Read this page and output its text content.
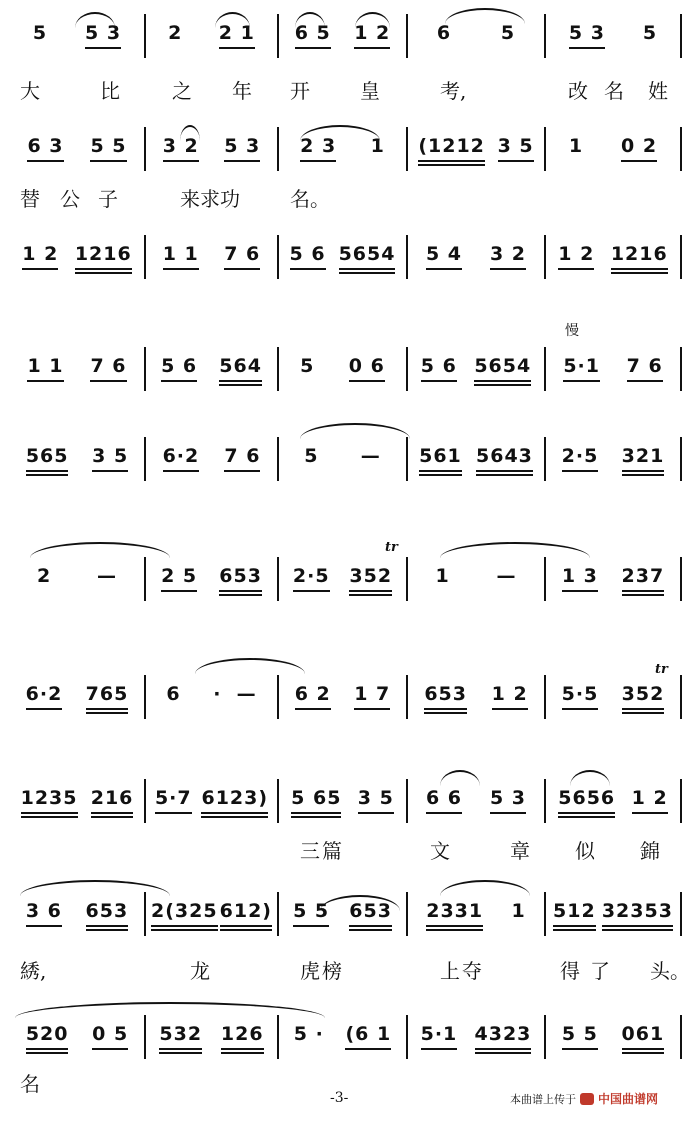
5 5 3 2 2 1 6 5 1 2 6	5	5 3 5
6 3 5 5 3 2 5 3 2 3 1 (1212 3 5 1 0 2
1 2 1216 1 1 7 6 5 6 5654 5 4 3 2 1 2 1216
1 1 7 6 5 6 564 5 0 6 5 6 5654 5·1 7 6
565 3 5 6·2 7 6 5 — 561 5643 2·5 321
2 — 2 5 653 2·5 352 1 — 1 3 237
6·2 765 6 ·  — 6 2 1 7 653 1 2 5·5 352
1235 216 5·7 6123) 5 65 3 5 6 6 5 3 5656 1 2
3 6 653 2(325 612) 5 5 653 2331 1 512 32353
520 0 5 532 126 5 · (6 1 5·1 4323 5 5 061
大	比	之 年 开	皇	考,	改 名 姓
替 公 子	来 求 功	名。
三 篇	文	章 似 錦
綉,	龙	虎 榜	上 夺	得 了 头。
名
tr
tr
慢
-3-	本曲谱上传于 中国曲谱网
